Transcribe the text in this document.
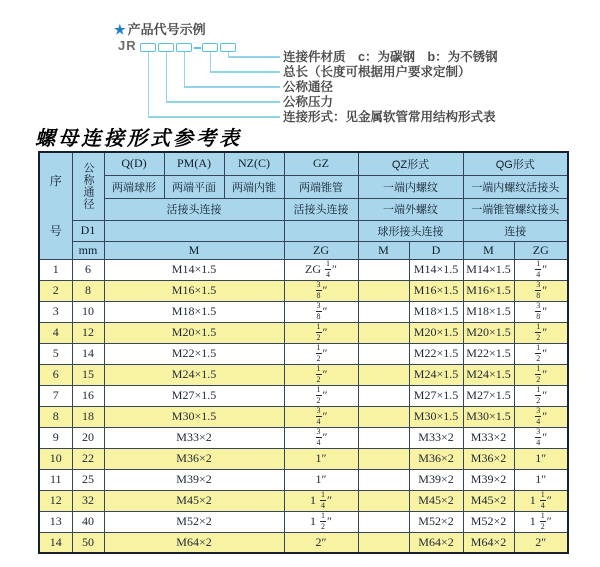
★ 产品代号示例
JR
连接件材质　c：为碳钢　b：为不锈钢
总长（长度可根据用户要求定制）
公称通径
公称压力
连接形式：见金属软管常用结构形式表
螺母连接形式参考表
序
号	公称通径	Q(D)	PM(A)	NZ(C)	GZ	QZ形式		QG形式	
		两端球形	两端平面	两端内锥	两端锥管	一端内螺纹		一端内螺纹活接头	
		活接头连接			活接头连接	一端外螺纹		一端锥管螺纹接头	
	D1					球形接头连接		连接	
	mm	M			ZG	M	D	M	ZG
1	6	M14×1.5			ZG $\frac{1}{4}$ ″		M14×1.5	M14×1.5	$\frac{1}{4}$ ″
2	8	M16×1.5			$\frac{3}{8}$ ″		M16×1.5	M16×1.5	$\frac{3}{8}$ ″
3	10	M18×1.5			$\frac{3}{8}$ ″		M18×1.5	M18×1.5	$\frac{3}{8}$ ″
4	12	M20×1.5			$\frac{1}{2}$ ″		M20×1.5	M20×1.5	$\frac{1}{2}$ ″
5	14	M22×1.5			$\frac{1}{2}$ ″		M22×1.5	M22×1.5	$\frac{1}{2}$ ″
6	15	M24×1.5			$\frac{1}{2}$ ″		M24×1.5	M24×1.5	$\frac{1}{2}$ ″
7	16	M27×1.5			$\frac{1}{2}$ ″		M27×1.5	M27×1.5	$\frac{1}{2}$ ″
8	18	M30×1.5			$\frac{3}{4}$ ″		M30×1.5	M30×1.5	$\frac{3}{4}$ ″
9	20	M33×2			$\frac{3}{4}$ ″		M33×2	M33×2	$\frac{3}{4}$ ″
10	22	M36×2			1″		M36×2	M36×2	1″
11	25	M39×2			1″		M39×2	M39×2	1″
12	32	M45×2			$1 \frac{1}{4}$ ″		M45×2	M45×2	$1 \frac{1}{4}$ ″
13	40	M52×2			$1 \frac{1}{2}$ ″		M52×2	M52×2	$1 \frac{1}{2}$ ″
14	50	M64×2			2″		M64×2	M64×2	2″
